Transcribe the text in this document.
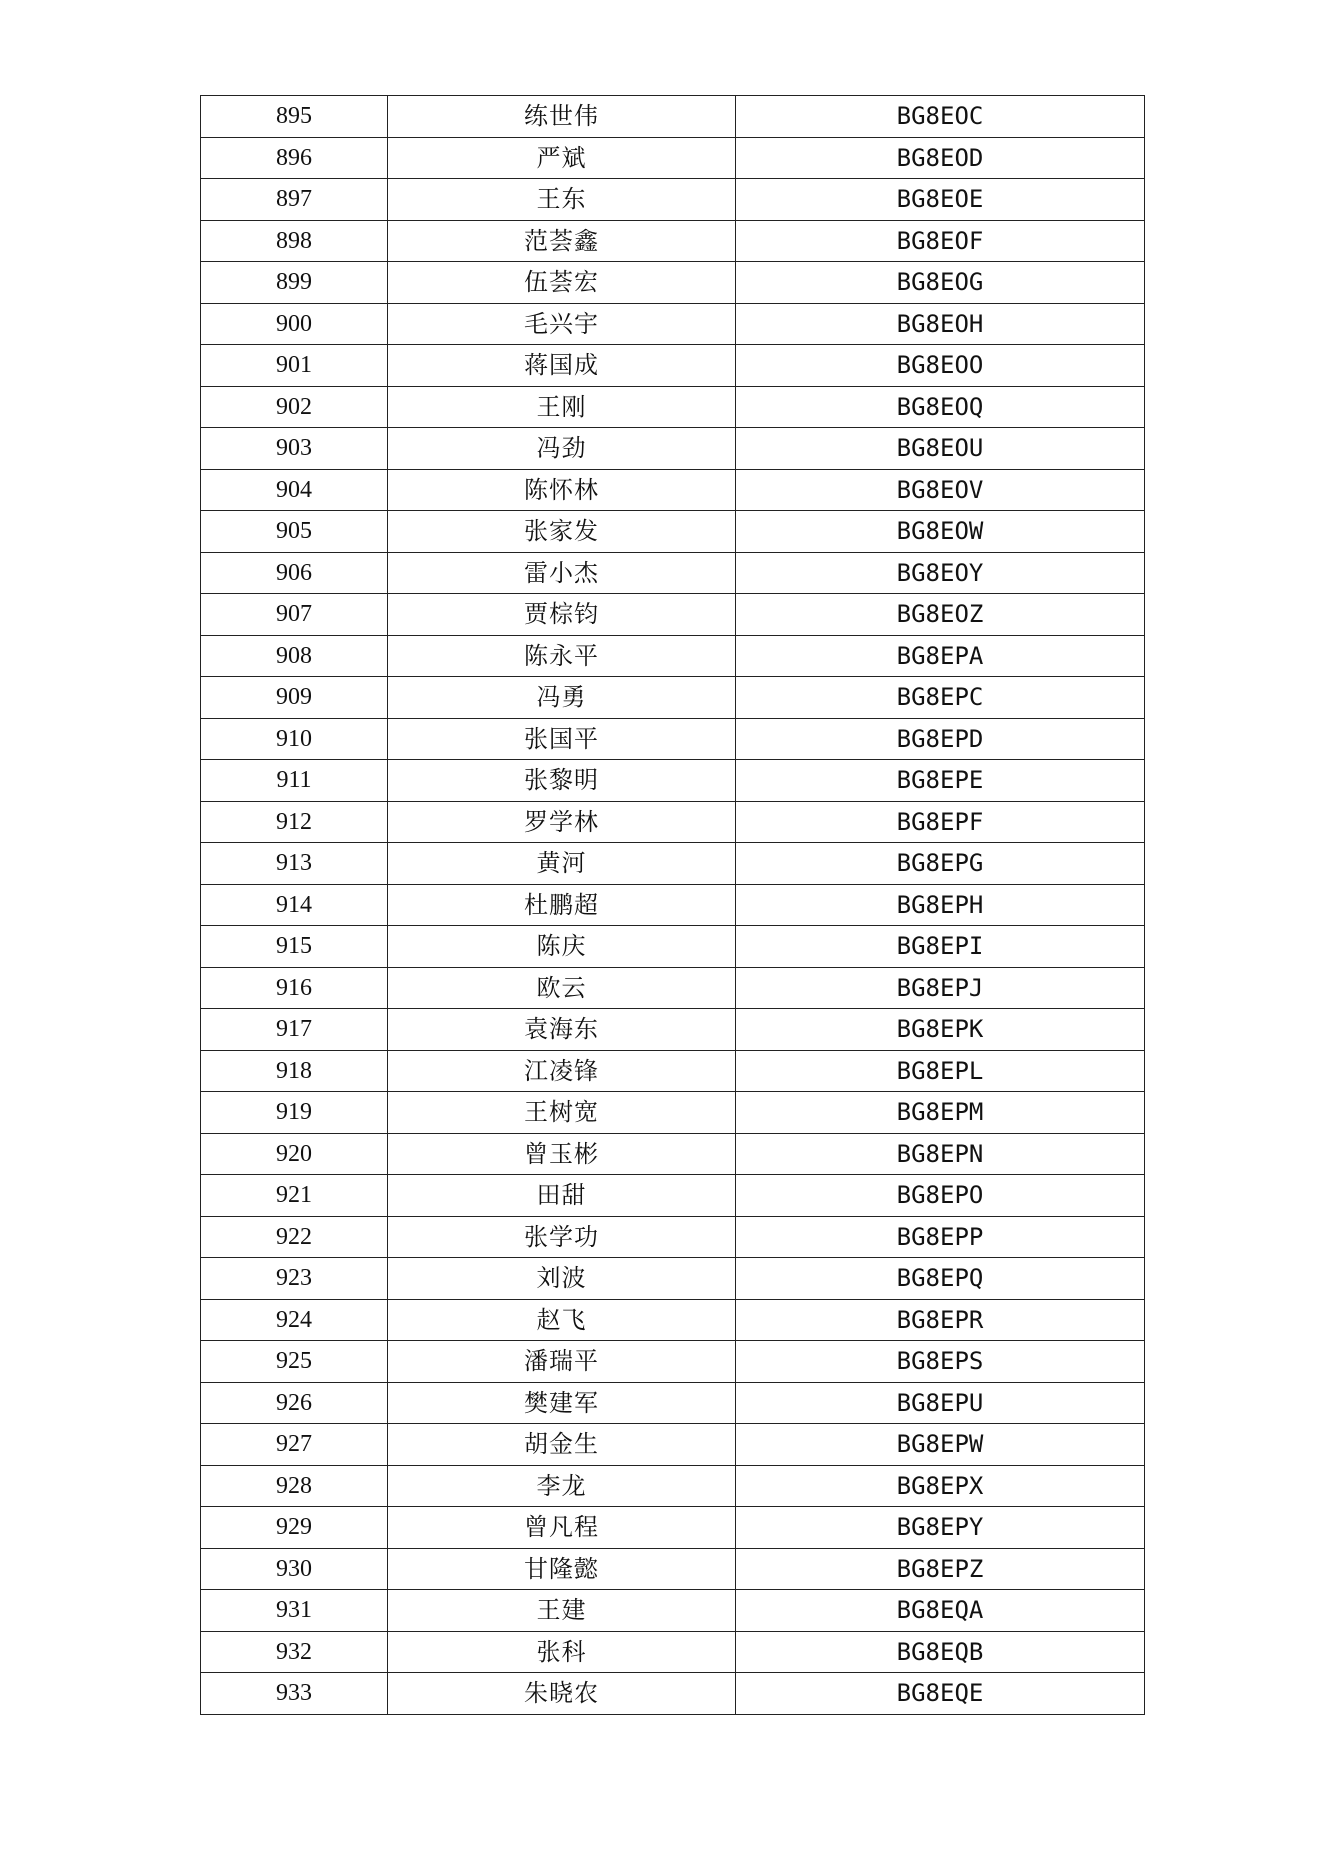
895	练世伟	BG8EOC
896	严斌	BG8EOD
897	王东	BG8EOE
898	范荟鑫	BG8EOF
899	伍荟宏	BG8EOG
900	毛兴宇	BG8EOH
901	蒋国成	BG8EOO
902	王刚	BG8EOQ
903	冯劲	BG8EOU
904	陈怀林	BG8EOV
905	张家发	BG8EOW
906	雷小杰	BG8EOY
907	贾棕钧	BG8EOZ
908	陈永平	BG8EPA
909	冯勇	BG8EPC
910	张国平	BG8EPD
911	张黎明	BG8EPE
912	罗学林	BG8EPF
913	黄河	BG8EPG
914	杜鹏超	BG8EPH
915	陈庆	BG8EPI
916	欧云	BG8EPJ
917	袁海东	BG8EPK
918	江凌锋	BG8EPL
919	王树宽	BG8EPM
920	曾玉彬	BG8EPN
921	田甜	BG8EPO
922	张学功	BG8EPP
923	刘波	BG8EPQ
924	赵飞	BG8EPR
925	潘瑞平	BG8EPS
926	樊建军	BG8EPU
927	胡金生	BG8EPW
928	李龙	BG8EPX
929	曾凡程	BG8EPY
930	甘隆懿	BG8EPZ
931	王建	BG8EQA
932	张科	BG8EQB
933	朱晓农	BG8EQE
